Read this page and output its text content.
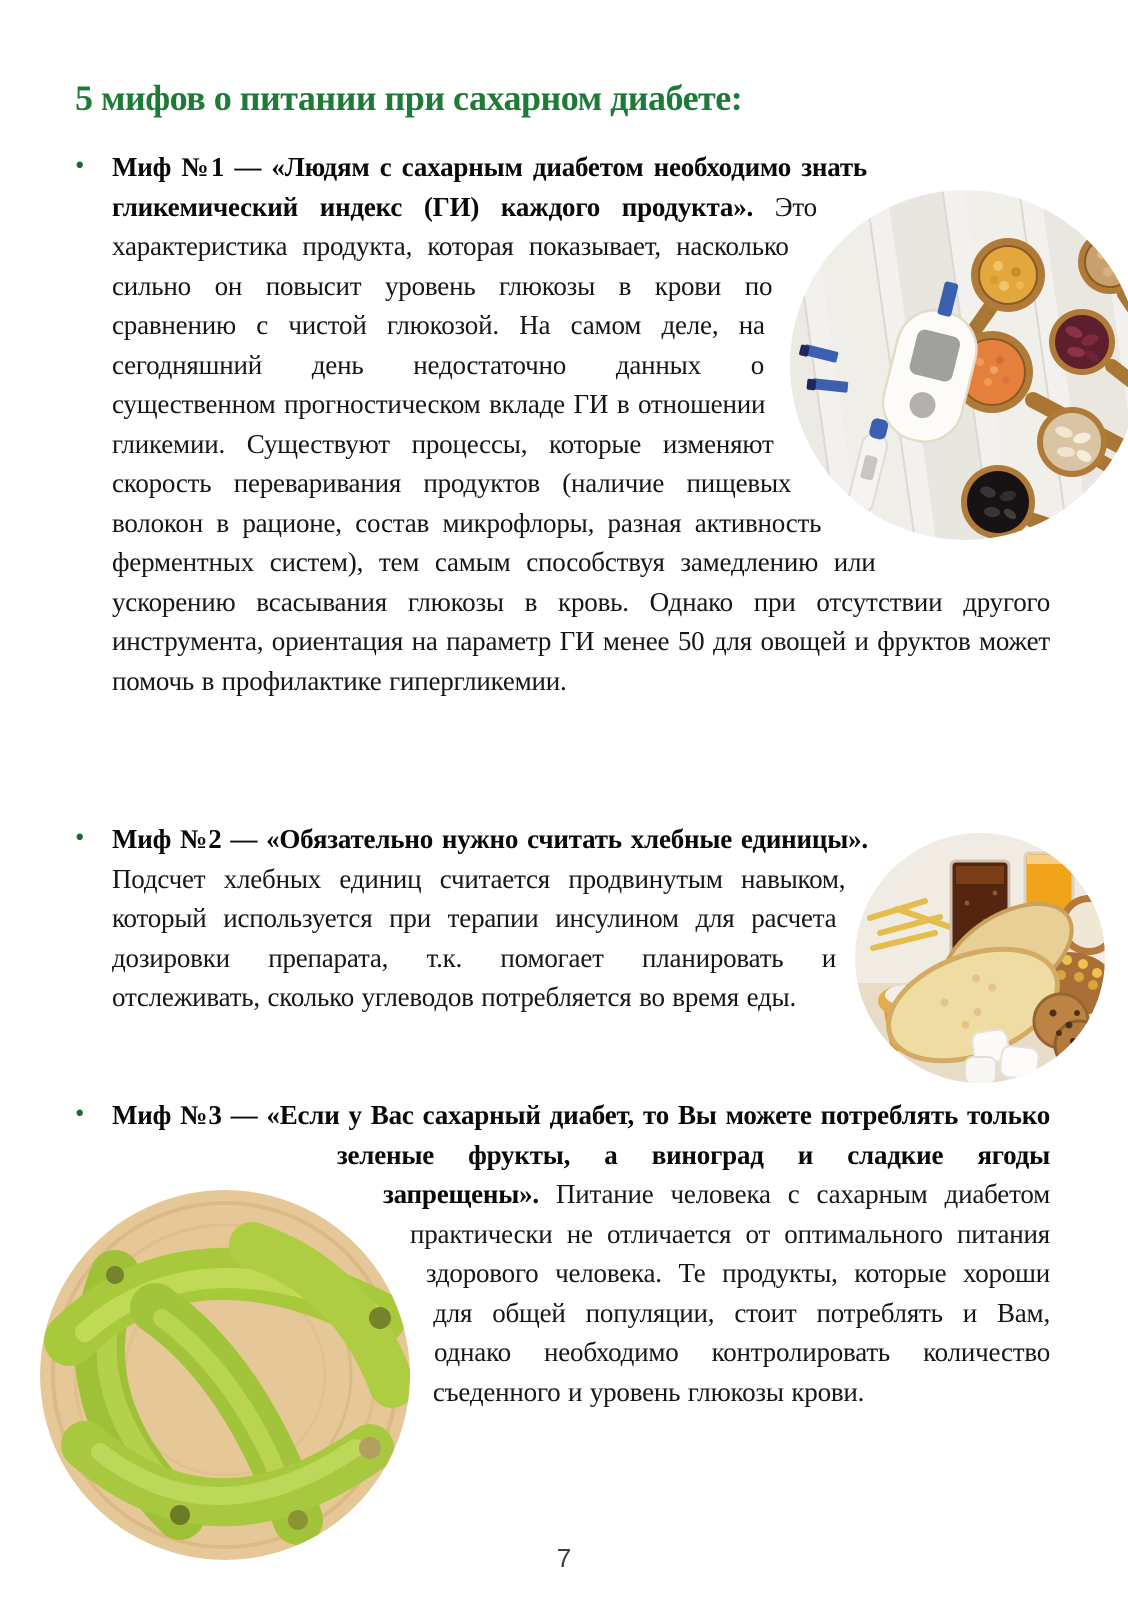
5 мифов о питании при сахарном диабете:
• Миф №1 — «Людям с сахарным диабетом необходимо знать гликемический индекс (ГИ) каждого продукта». Это характеристика продукта, которая показывает, насколько сильно он повысит уровень глюкозы в крови по сравнению с чистой глюкозой. На самом деле, на сегодняшний день недостаточно данных о существенном прогностическом вкладе ГИ в отношении гликемии. Существуют процессы, которые изменяют скорость переваривания продуктов (наличие пищевых волокон в рационе, состав микрофлоры, разная активность ферментных систем), тем самым способствуя замедлению или ускорению всасывания глюкозы в кровь. Однако при отсутствии другого инструмента, ориентация на параметр ГИ менее 50 для овощей и фруктов может помочь в профилактике гипергликемии.
• Миф №2 — «Обязательно нужно считать хлебные единицы». Подсчет хлебных единиц считается продвинутым навыком, который используется при терапии инсулином для расчета дозировки препарата, т.к. помогает планировать и отслеживать, сколько углеводов потребляется во время еды.
• Миф №3 — «Если у Вас сахарный диабет, то Вы можете потреблять только зеленые фрукты, а виноград и сладкие ягоды запрещены». Питание человека с сахарным диабетом практически не отличается от оптимального питания здорового человека. Те продукты, которые хороши для общей популяции, стоит потреблять и Вам, однако необходимо контролировать количество съеденного и уровень глюкозы крови.
7
